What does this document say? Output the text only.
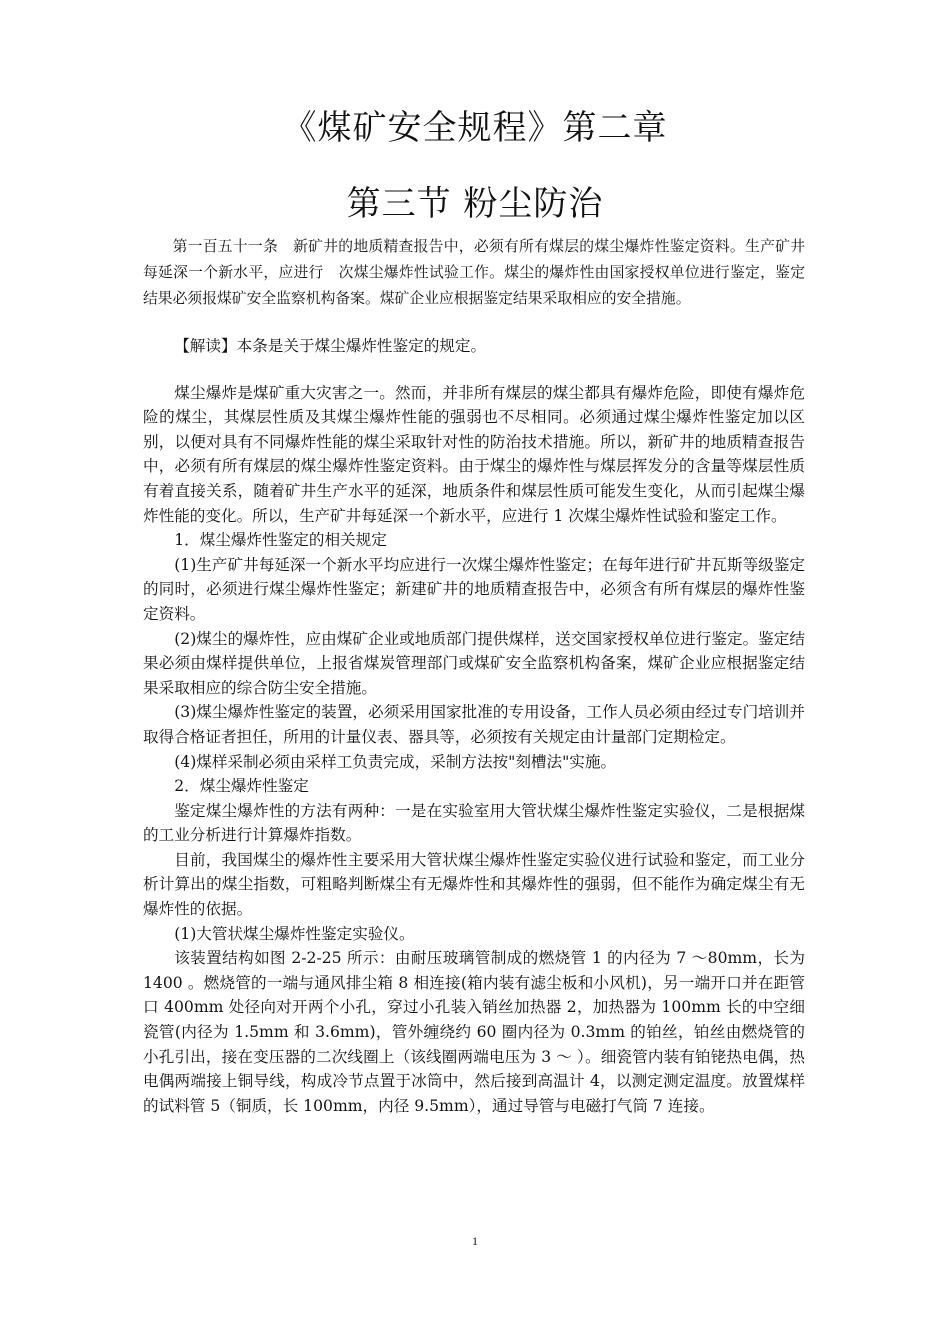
《煤矿安全规程》第二章
第三节 粉尘防治

第一百五十一条　新矿井的地质精查报告中，必须有所有煤层的煤尘爆炸性鉴定资料。生产矿井每延深一个新水平，应进行　次煤尘爆炸性试验工作。煤尘的爆炸性由国家授权单位进行鉴定，鉴定结果必须报煤矿安全监察机构备案。煤矿企业应根据鉴定结果采取相应的安全措施。

【解读】本条是关于煤尘爆炸性鉴定的规定。

煤尘爆炸是煤矿重大灾害之一。然而，并非所有煤层的煤尘都具有爆炸危险，即使有爆炸危险的煤尘，其煤层性质及其煤尘爆炸性能的强弱也不尽相同。必须通过煤尘爆炸性鉴定加以区别，以便对具有不同爆炸性能的煤尘采取针对性的防治技术措施。所以，新矿井的地质精查报告中，必须有所有煤层的煤尘爆炸性鉴定资料。由于煤尘的爆炸性与煤层挥发分的含量等煤层性质有着直接关系，随着矿井生产水平的延深，地质条件和煤层性质可能发生变化，从而引起煤尘爆炸性能的变化。所以，生产矿井每延深一个新水平，应进行 1 次煤尘爆炸性试验和鉴定工作。

1．煤尘爆炸性鉴定的相关规定

(1)生产矿井每延深一个新水平均应进行一次煤尘爆炸性鉴定；在每年进行矿井瓦斯等级鉴定的同时，必须进行煤尘爆炸性鉴定；新建矿井的地质精查报告中，必须含有所有煤层的爆炸性鉴定资料。

(2)煤尘的爆炸性，应由煤矿企业或地质部门提供煤样，送交国家授权单位进行鉴定。鉴定结果必须由煤样提供单位，上报省煤炭管理部门或煤矿安全监察机构备案，煤矿企业应根据鉴定结果采取相应的综合防尘安全措施。

(3)煤尘爆炸性鉴定的装置，必须采用国家批准的专用设备，工作人员必须由经过专门培训并取得合格证者担任，所用的计量仪表、器具等，必须按有关规定由计量部门定期检定。

(4)煤样采制必须由采样工负责完成，采制方法按"刻槽法"实施。

2．煤尘爆炸性鉴定

鉴定煤尘爆炸性的方法有两种：一是在实验室用大管状煤尘爆炸性鉴定实验仪，二是根据煤的工业分析进行计算爆炸指数。

目前，我国煤尘的爆炸性主要采用大管状煤尘爆炸性鉴定实验仪进行试验和鉴定，而工业分析计算出的煤尘指数，可粗略判断煤尘有无爆炸性和其爆炸性的强弱，但不能作为确定煤尘有无爆炸性的依据。

(1)大管状煤尘爆炸性鉴定实验仪。

该装置结构如图 2-2-25 所示：由耐压玻璃管制成的燃烧管 1 的内径为 7 ～80mm，长为 1400 。燃烧管的一端与通风排尘箱 8 相连接(箱内装有滤尘板和小风机)，另一端开口并在距管口 400mm 处径向对开两个小孔，穿过小孔装入销丝加热器 2，加热器为 100mm 长的中空细瓷管(内径为 1.5mm 和 3.6mm)，管外缠绕约 60 圈内径为 0.3mm 的铂丝，铂丝由燃烧管的小孔引出，接在变压器的二次线圈上（该线圈两端电压为 3 ～ ）。细瓷管内装有铂铑热电偶，热电偶两端接上铜导线，构成冷节点置于冰筒中，然后接到高温计 4，以测定测定温度。放置煤样的试料管 5（铜质，长 100mm，内径 9.5mm），通过导管与电磁打气筒 7 连接。

1
